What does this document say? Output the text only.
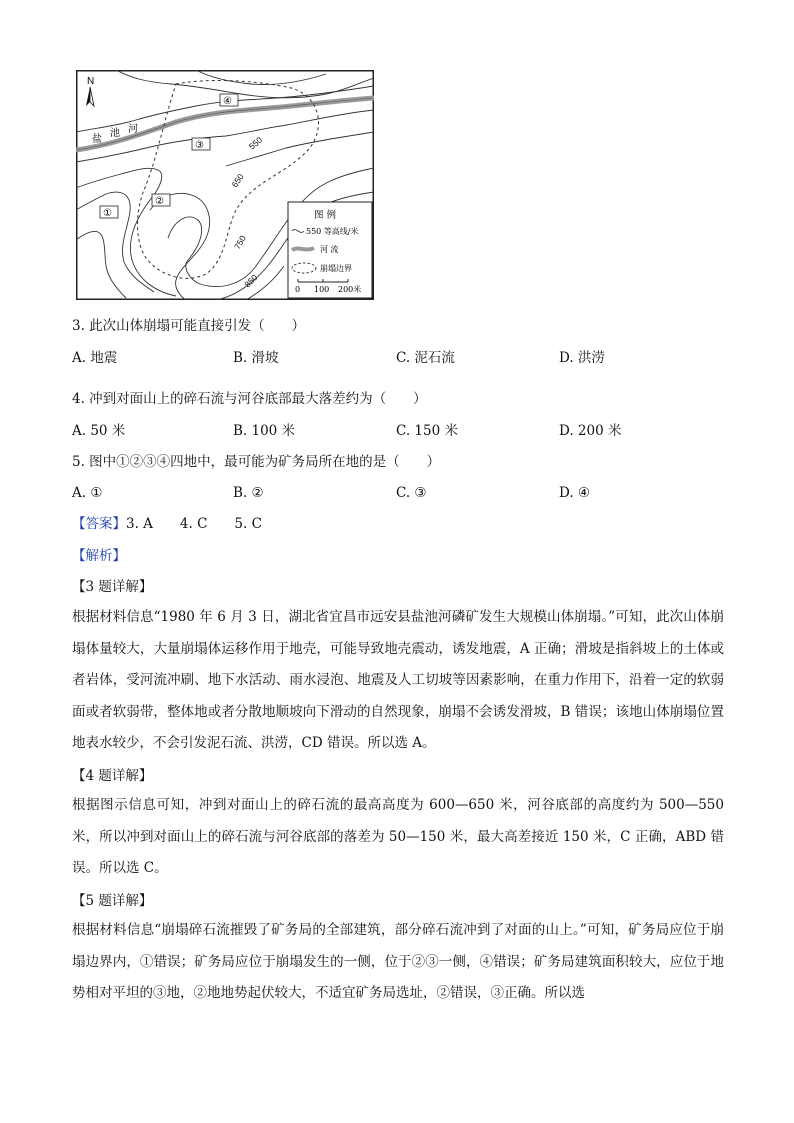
N
盐
池 河
④
③
②
①
550
650
750
850
图 例
550 等高线/米
河 流
崩塌边界
0 100 200米
3. 此次山体崩塌可能直接引发（　　）
A. 地震	B. 滑坡	C. 泥石流	D. 洪涝
4. 冲到对面山上的碎石流与河谷底部最大落差约为（　　）
A. 50 米	B. 100 米	C. 150 米	D. 200 米
5. 图中①②③④四地中，最可能为矿务局所在地的是（　　）
A. ①	B. ②	C. ③	D. ④
【答案】3. A　　4. C　　5. C
【解析】
【3 题详解】
根据材料信息“1980 年 6 月 3 日，湖北省宜昌市远安县盐池河磷矿发生大规模山体崩塌。”可知，此次山体崩塌体量较大，大量崩塌体运移作用于地壳，可能导致地壳震动，诱发地震，A 正确；滑坡是指斜坡上的土体或者岩体，受河流冲刷、地下水活动、雨水浸泡、地震及人工切坡等因素影响，在重力作用下，沿着一定的软弱面或者软弱带，整体地或者分散地顺坡向下滑动的自然现象，崩塌不会诱发滑坡，B 错误；该地山体崩塌位置地表水较少，不会引发泥石流、洪涝，CD 错误。所以选 A。
【4 题详解】
根据图示信息可知，冲到对面山上的碎石流的最高高度为 600—650 米，河谷底部的高度约为 500—550 米，所以冲到对面山上的碎石流与河谷底部的落差为 50—150 米，最大高差接近 150 米，C 正确，ABD 错误。所以选 C。
【5 题详解】
根据材料信息“崩塌碎石流摧毁了矿务局的全部建筑，部分碎石流冲到了对面的山上。”可知，矿务局应位于崩塌边界内，①错误；矿务局应位于崩塌发生的一侧，位于②③一侧，④错误；矿务局建筑面积较大，应位于地势相对平坦的③地，②地地势起伏较大，不适宜矿务局选址，②错误，③正确。所以选
